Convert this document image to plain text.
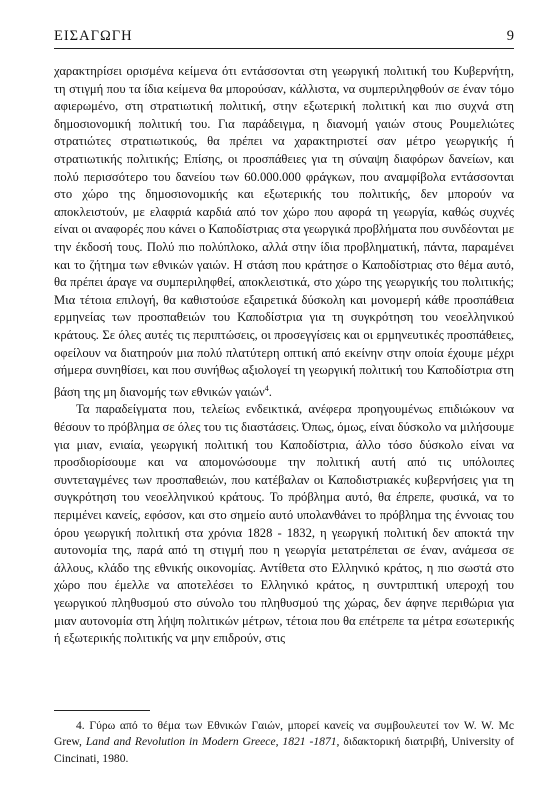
ΕΙΣΑΓΩΓΗ	9

χαρακτηρίσει ορισμένα κείμενα ότι εντάσσονται στη γεωργική πολιτική του Κυβερνήτη, τη στιγμή που τα ίδια κείμενα θα μπορούσαν, κάλλιστα, να συμπεριληφθούν σε έναν τόμο αφιερωμένο, στη στρατιωτική πολιτική, στην εξωτερική πολιτική και πιο συχνά στη δημοσιονομική πολιτική του. Για παράδειγμα, η διανομή γαιών στους Ρουμελιώτες στρατιώτες στρατιωτικούς, θα πρέπει να χαρακτηριστεί σαν μέτρο γεωργικής ή στρατιωτικής πολιτικής; Επίσης, οι προσπάθειες για τη σύναψη διαφόρων δανείων, και πολύ περισσότερο του δανείου των 60.000.000 φράγκων, που αναμφίβολα εντάσσονται στο χώρο της δημοσιονομικής και εξωτερικής του πολιτικής, δεν μπορούν να αποκλειστούν, με ελαφριά καρδιά από τον χώρο που αφορά τη γεωργία, καθώς συχνές είναι οι αναφορές που κάνει ο Καποδίστριας στα γεωργικά προβλήματα που συνδέονται με την έκδοσή τους. Πολύ πιο πολύπλοκο, αλλά στην ίδια προβληματική, πάντα, παραμένει και το ζήτημα των εθνικών γαιών. Η στάση που κράτησε ο Καποδίστριας στο θέμα αυτό, θα πρέπει άραγε να συμπεριληφθεί, αποκλειστικά, στο χώρο της γεωργικής του πολιτικής; Μια τέτοια επιλογή, θα καθιστούσε εξαιρετικά δύσκολη και μονομερή κάθε προσπάθεια ερμηνείας των προσπαθειών του Καποδίστρια για τη συγκρότηση του νεοελληνικού κράτους. Σε όλες αυτές τις περιπτώσεις, οι προσεγγίσεις και οι ερμηνευτικές προσπάθειες, οφείλουν να διατηρούν μια πολύ πλατύτερη οπτική από εκείνην στην οποία έχουμε μέχρι σήμερα συνηθίσει, και που συνήθως αξιολογεί τη γεωργική πολιτική του Καποδίστρια στη βάση της μη διανομής των εθνικών γαιών$^4$.

Τα παραδείγματα που, τελείως ενδεικτικά, ανέφερα προηγουμένως επιδιώκουν να θέσουν το πρόβλημα σε όλες του τις διαστάσεις. Όπως, όμως, είναι δύσκολο να μιλήσουμε για μιαν, ενιαία, γεωργική πολιτική του Καποδίστρια, άλλο τόσο δύσκολο είναι να προσδιορίσουμε και να απομονώσουμε την πολιτική αυτή από τις υπόλοιπες συντεταγμένες των προσπαθειών, που κατέβαλαν οι Καποδιστριακές κυβερνήσεις για τη συγκρότηση του νεοελληνικού κράτους. Το πρόβλημα αυτό, θα έπρεπε, φυσικά, να το περιμένει κανείς, εφόσον, και στο σημείο αυτό υπολανθάνει το πρόβλημα της έννοιας του όρου γεωργική πολιτική στα χρόνια 1828 - 1832, η γεωργική πολιτική δεν αποκτά την αυτονομία της, παρά από τη στιγμή που η γεωργία μετατρέπεται σε έναν, ανάμεσα σε άλλους, κλάδο της εθνικής οικονομίας. Αντίθετα στο Ελληνικό κράτος, η πιο σωστά στο χώρο που έμελλε να αποτελέσει το Ελληνικό κράτος, η συντριπτική υπεροχή του γεωργικού πληθυσμού στο σύνολο του πληθυσμού της χώρας, δεν άφηνε περιθώρια για μιαν αυτονομία στη λήψη πολιτικών μέτρων, τέτοια που θα επέτρεπε τα μέτρα εσωτερικής ή εξωτερικής πολιτικής να μην επιδρούν, στις

4. Γύρω από το θέμα των Εθνικών Γαιών, μπορεί κανείς να συμβουλευτεί τον W. W. Mc Grew, Land and Revolution in Modern Greece, 1821 -1871, διδακτορική διατριβή, University of Cincinati, 1980.
